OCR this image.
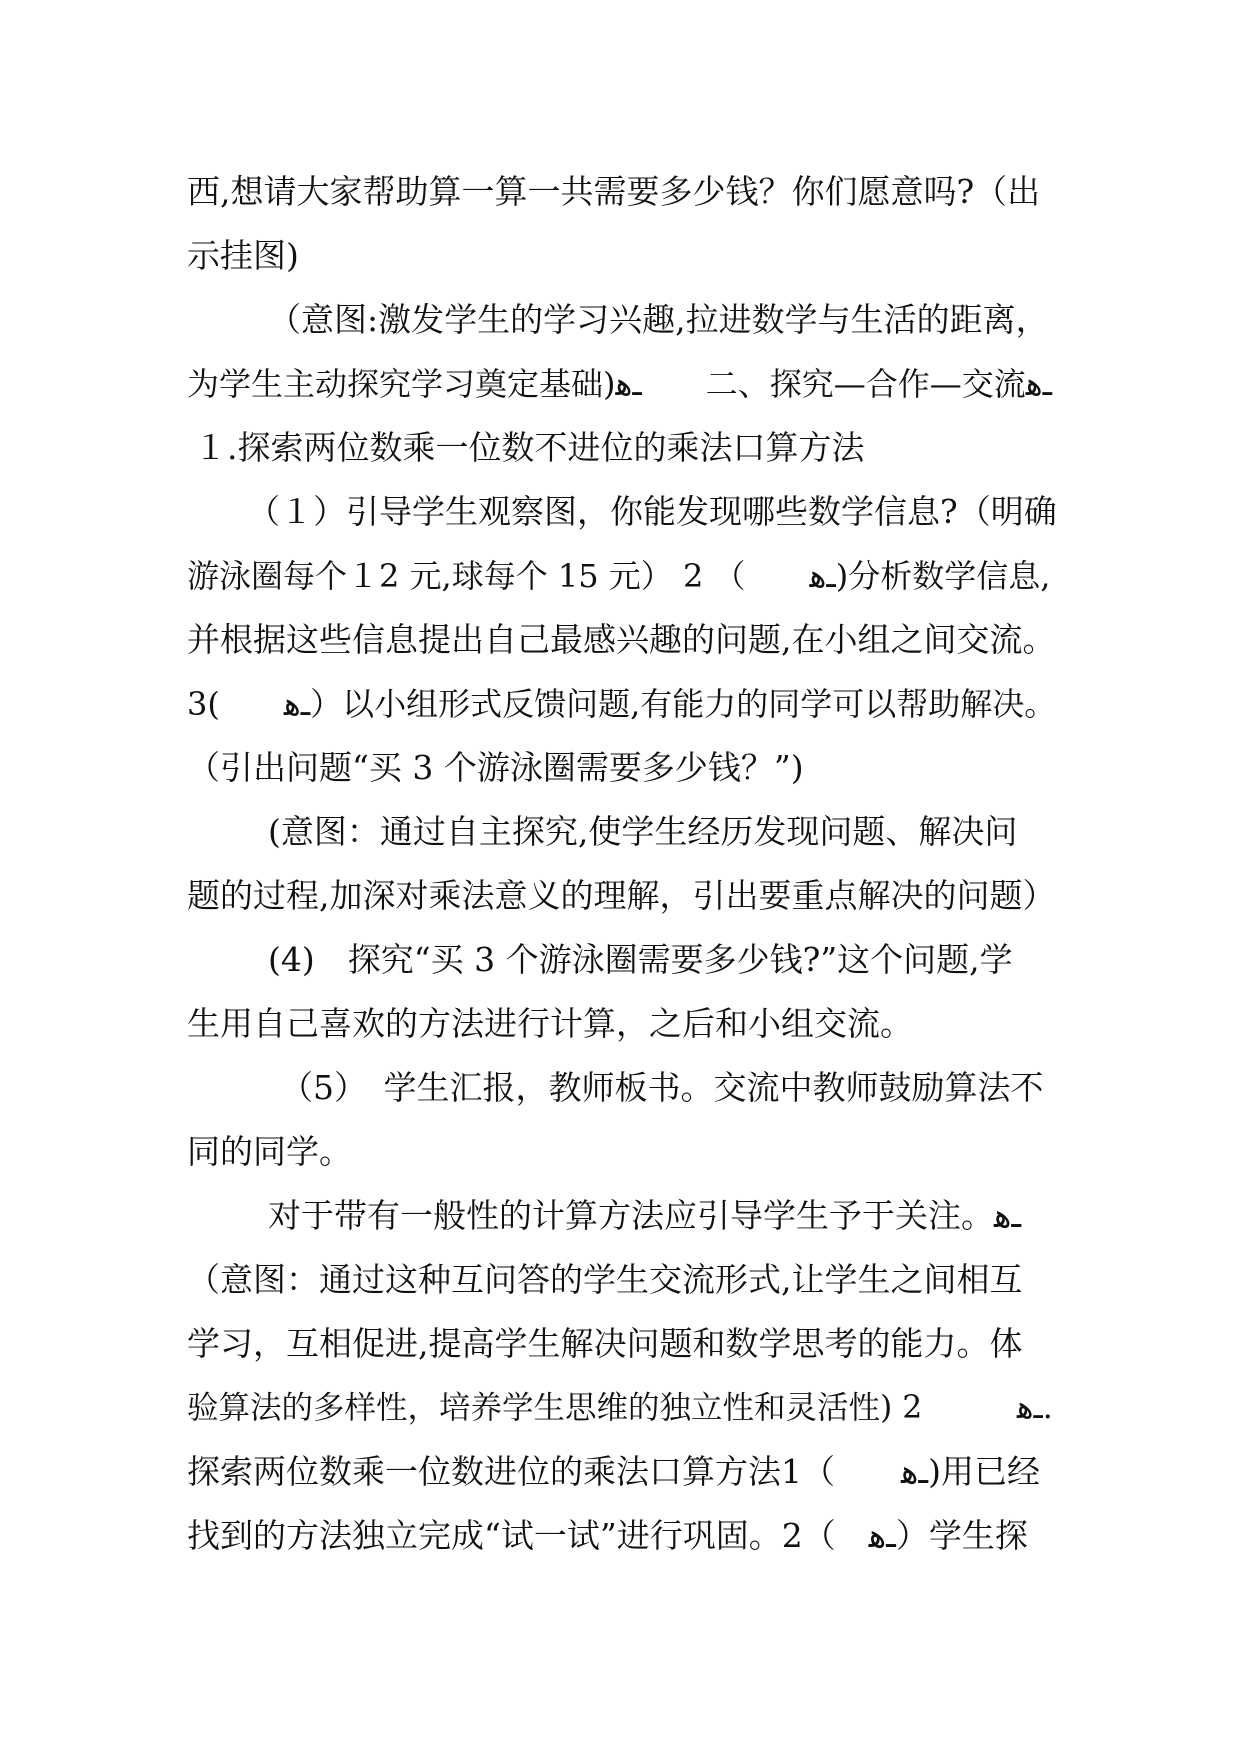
西,想请大家帮助算一算一共需要多少钱？你们愿意吗?（出
示挂图)
（意图:激发学生的学习兴趣,拉进数学与生活的距离，
为学生主动探究学习奠定基础)ـﮬ　　二、探究—合作—交流ـﮬ
１.探索两位数乘一位数不进位的乘法口算方法
（１）引导学生观察图，你能发现哪些数学信息?（明确
游泳圈每个１2 元,球每个 15 元） 2 （　　ـﮬ)分析数学信息,
并根据这些信息提出自己最感兴趣的问题,在小组之间交流。
3(　　ـﮬ）以小组形式反馈问题,有能力的同学可以帮助解决。
（引出问题“买 3 个游泳圈需要多少钱？”)
(意图：通过自主探究,使学生经历发现问题、解决问
题的过程,加深对乘法意义的理解，引出要重点解决的问题）
(4)　探究“买 3 个游泳圈需要多少钱?”这个问题,学
生用自己喜欢的方法进行计算，之后和小组交流。
（5）　学生汇报，教师板书。交流中教师鼓励算法不
同的同学。
对于带有一般性的计算方法应引导学生予于关注。ـﮬ
（意图：通过这种互问答的学生交流形式,让学生之间相互
学习，互相促进,提高学生解决问题和数学思考的能力。体
验算法的多样性，培养学生思维的独立性和灵活性) 2　　　ـﮬ.
探索两位数乘一位数进位的乘法口算方法1（　　ـﮬ)用已经
找到的方法独立完成“试一试”进行巩固。2（　ـﮬ）学生探
